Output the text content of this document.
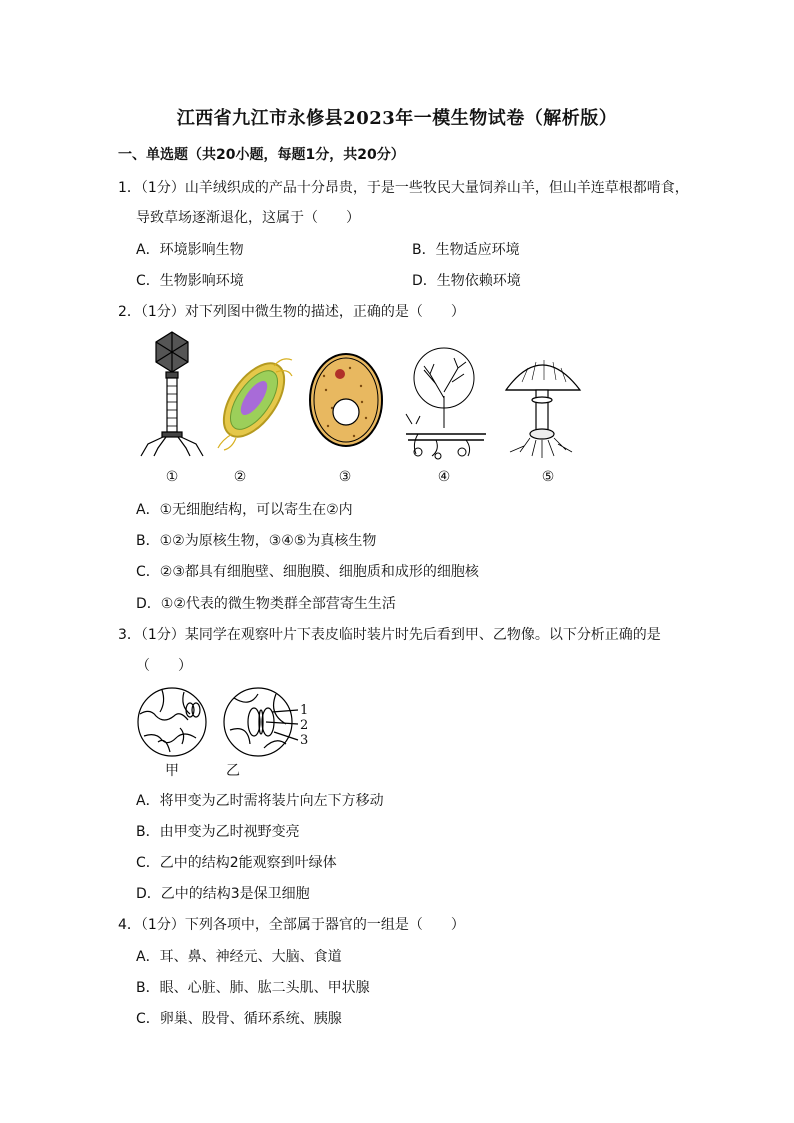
江西省九江市永修县2023年一模生物试卷（解析版）
一、单选题（共20小题，每题1分，共20分）
1．（1分）山羊绒织成的产品十分昂贵，于是一些牧民大量饲养山羊，但山羊连草根都啃食，
导致草场逐渐退化，这属于（　　）
A．环境影响生物	B．生物适应环境
C．生物影响环境	D．生物依赖环境
2．（1分）对下列图中微生物的描述，正确的是（　　）
①	②	③	④	⑤
A．①无细胞结构，可以寄生在②内
B．①②为原核生物，③④⑤为真核生物
C．②③都具有细胞壁、细胞膜、细胞质和成形的细胞核
D．①②代表的微生物类群全部营寄生生活
3．（1分）某同学在观察叶片下表皮临时装片时先后看到甲、乙物像。以下分析正确的是
（　　）
1
2
3
甲	乙
A．将甲变为乙时需将装片向左下方移动
B．由甲变为乙时视野变亮
C．乙中的结构2能观察到叶绿体
D．乙中的结构3是保卫细胞
4．（1分）下列各项中，全部属于器官的一组是（　　）
A．耳、鼻、神经元、大脑、食道
B．眼、心脏、肺、肱二头肌、甲状腺
C．卵巢、股骨、循环系统、胰腺
